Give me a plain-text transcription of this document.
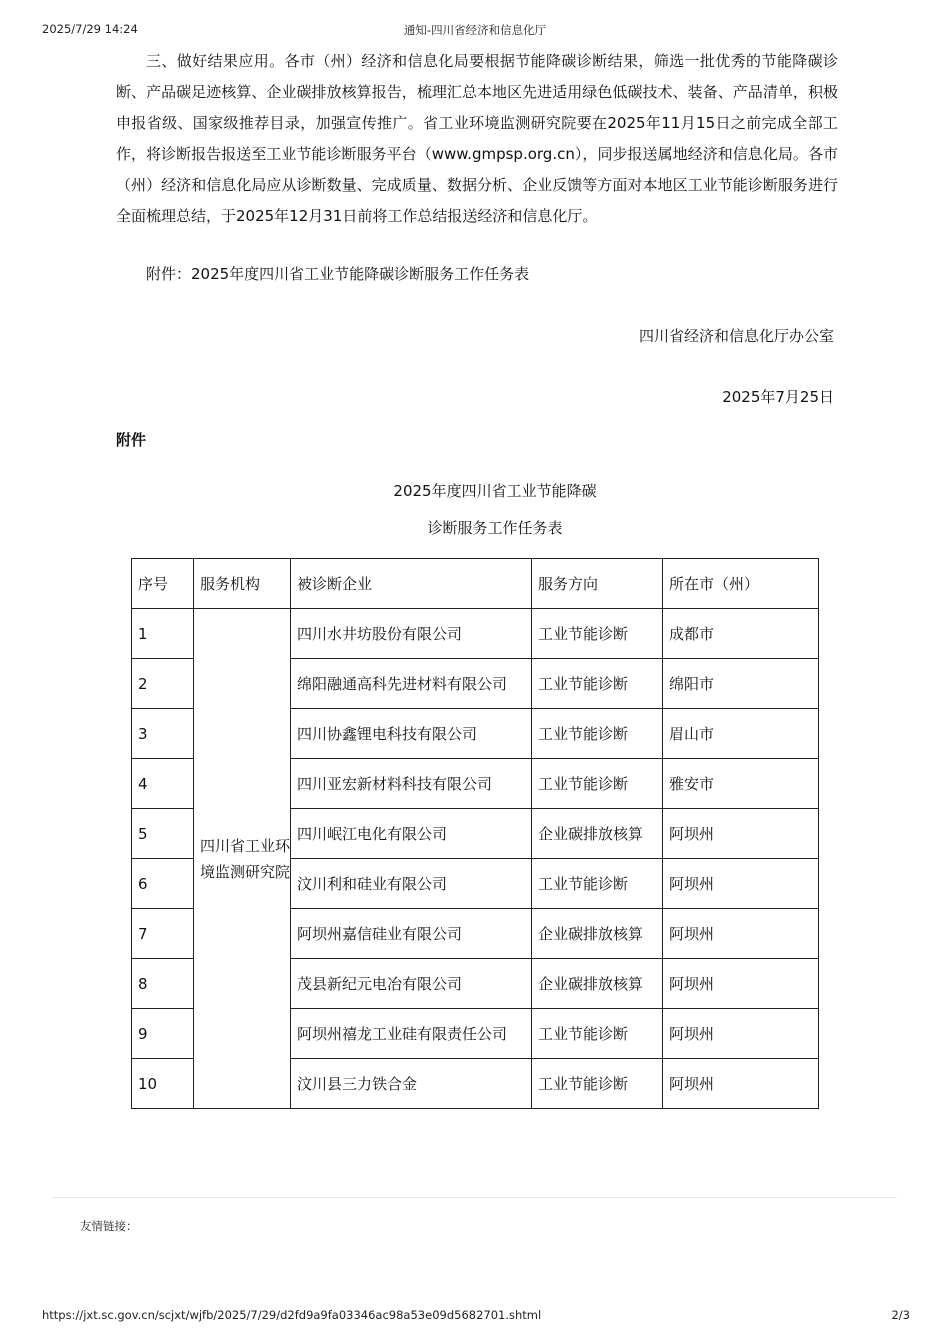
2025/7/29 14:24	通知-四川省经济和信息化厅

三、做好结果应用。各市（州）经济和信息化局要根据节能降碳诊断结果，筛选一批优秀的节能降碳诊断、产品碳足迹核算、企业碳排放核算报告，梳理汇总本地区先进适用绿色低碳技术、装备、产品清单，积极申报省级、国家级推荐目录，加强宣传推广。省工业环境监测研究院要在2025年11月15日之前完成全部工作，将诊断报告报送至工业节能诊断服务平台（www.gmpsp.org.cn），同步报送属地经济和信息化局。各市（州）经济和信息化局应从诊断数量、完成质量、数据分析、企业反馈等方面对本地区工业节能诊断服务进行全面梳理总结，于2025年12月31日前将工作总结报送经济和信息化厅。

附件：2025年度四川省工业节能降碳诊断服务工作任务表
四川省经济和信息化厅办公室
2025年7月25日
附件
2025年度四川省工业节能降碳
诊断服务工作任务表
序号	服务机构	被诊断企业	服务方向	所在市（州）
1	四川省工业环境监测研究院	四川水井坊股份有限公司	工业节能诊断	成都市
2		绵阳融通高科先进材料有限公司	工业节能诊断	绵阳市
3		四川协鑫锂电科技有限公司	工业节能诊断	眉山市
4		四川亚宏新材料科技有限公司	工业节能诊断	雅安市
5		四川岷江电化有限公司	企业碳排放核算	阿坝州
6		汶川利和硅业有限公司	工业节能诊断	阿坝州
7		阿坝州嘉信硅业有限公司	企业碳排放核算	阿坝州
8		茂县新纪元电冶有限公司	企业碳排放核算	阿坝州
9		阿坝州禧龙工业硅有限责任公司	工业节能诊断	阿坝州
10		汶川县三力铁合金	工业节能诊断	阿坝州
友情链接：
https://jxt.sc.gov.cn/scjxt/wjfb/2025/7/29/d2fd9a9fa03346ac98a53e09d5682701.shtml	2/3
